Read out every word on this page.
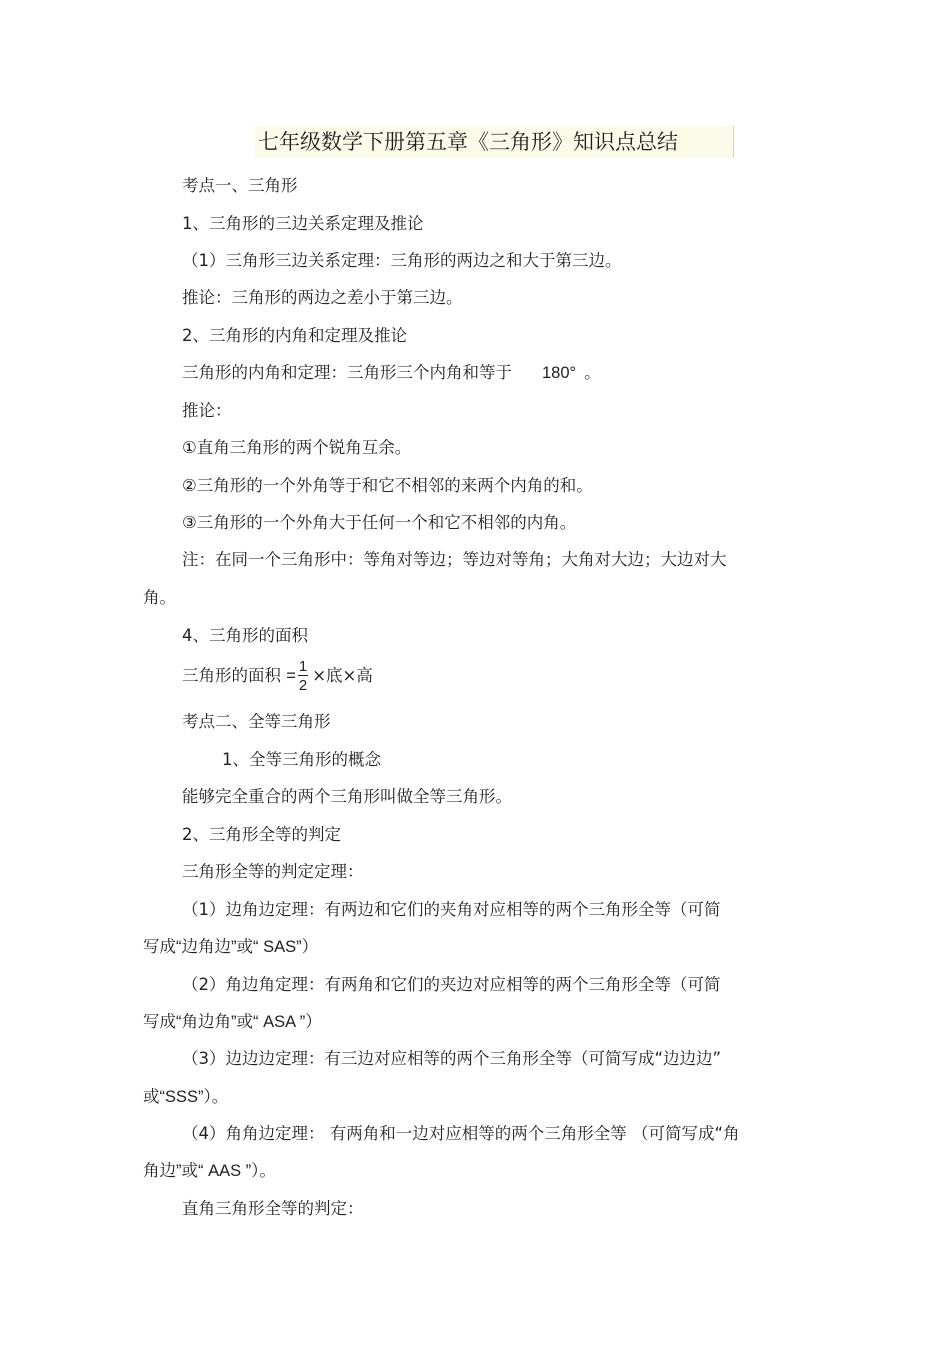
七年级数学下册第五章《三角形》知识点总结
考点一、三角形
1、三角形的三边关系定理及推论
（1）三角形三边关系定理：三角形的两边之和大于第三边。
推论：三角形的两边之差小于第三边。
2、三角形的内角和定理及推论
三角形的内角和定理：三角形三个内角和等于 180° 。
推论：
①直角三角形的两个锐角互余。
②三角形的一个外角等于和它不相邻的来两个内角的和。
③三角形的一个外角大于任何一个和它不相邻的内角。
注：在同一个三角形中：等角对等边；等边对等角；大角对大边；大边对大
角。
4、三角形的面积
三角形的面积 = $\frac{1}{2}$ ×底×高
考点二、全等三角形
1、全等三角形的概念
能够完全重合的两个三角形叫做全等三角形。
2、三角形全等的判定
三角形全等的判定定理：
（1）边角边定理：有两边和它们的夹角对应相等的两个三角形全等（可简
写成“边角边”或“ SAS”）
（2）角边角定理：有两角和它们的夹边对应相等的两个三角形全等（可简
写成“角边角”或“ ASA ”）
（3）边边边定理：有三边对应相等的两个三角形全等（可简写成“边边边”
或“SSS”）。
（4）角角边定理： 有两角和一边对应相等的两个三角形全等 （可简写成“角
角边”或“ AAS ”）。
直角三角形全等的判定：
